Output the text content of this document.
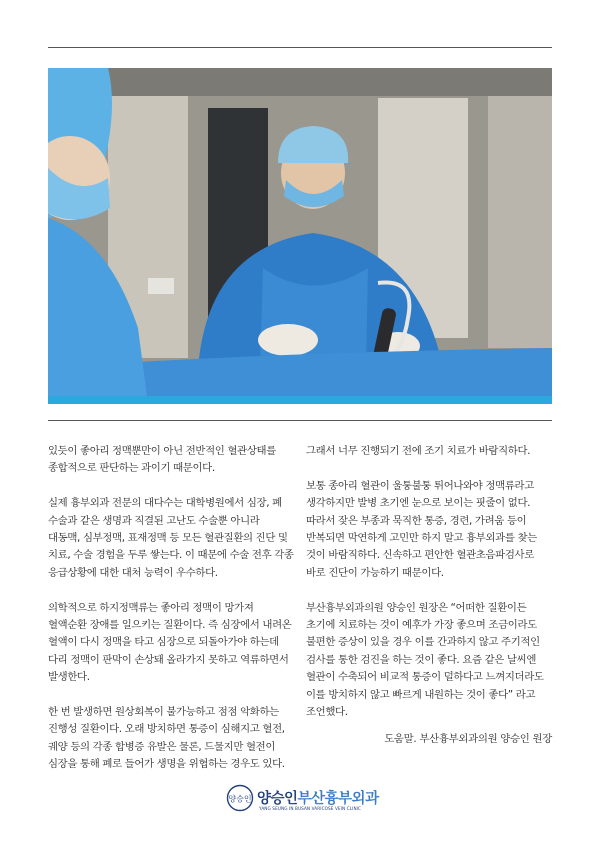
있듯이 좋아리 정맥뿐만이 아닌 전반적인 혈관상태를 종합적으로 판단하는 과이기 때문이다.

실제 흉부외과 전문의 대다수는 대학병원에서 심장, 폐 수술과 같은 생명과 직결된 고난도 수술뿐 아니라 대동맥, 심부정맥, 표재정맥 등 모든 혈관질환의 진단 및 치료, 수술 경험을 두루 쌓는다. 이 때문에 수술 전후 각종 응급상황에 대한 대처 능력이 우수하다.

의학적으로 하지정맥류는 좋아리 정맥이 망가져 혈액순환 장애를 일으키는 질환이다. 즉 심장에서 내려온 혈액이 다시 정맥을 타고 심장으로 되돌아가야 하는데 다리 정맥이 판막이 손상돼 올라가지 못하고 역류하면서 발생한다.

한 번 발생하면 원상회복이 불가능하고 점점 악화하는 진행성 질환이다. 오래 방치하면 통증이 심해지고 혈전, 궤양 등의 각종 합병증 유발은 물론, 드물지만 혈전이 심장을 통해 폐로 들어가 생명을 위협하는 경우도 있다.

그래서 너무 진행되기 전에 조기 치료가 바람직하다.

보통 종아리 혈관이 울퉁불퉁 튀어나와야 정맥류라고 생각하지만 발병 초기엔 눈으로 보이는 핏줄이 없다. 따라서 잦은 부종과 묵직한 통증, 경련, 가려움 등이 반복되면 막연하게 고민만 하지 말고 흉부외과를 찾는 것이 바람직하다. 신속하고 편안한 혈관초음파검사로 바로 진단이 가능하기 때문이다.

부산흉부외과의원 양승인 원장은 “어떠한 질환이든 초기에 치료하는 것이 예후가 가장 좋으며 조금이라도 불편한 증상이 있을 경우 이를 간과하지 않고 주기적인 검사를 통한 검진을 하는 것이 좋다. 요즘 같은 날씨엔 혈관이 수축되어 비교적 통증이 덜하다고 느껴지더라도 이를 방치하지 않고 빠르게 내원하는 것이 좋다” 라고 조언했다.

도움말. 부산흉부외과의원 양승인 원장
양승인 양승인부산흉부외과
YANG SEUNG IN BUSAN VARICOSE VEIN CLINIC
